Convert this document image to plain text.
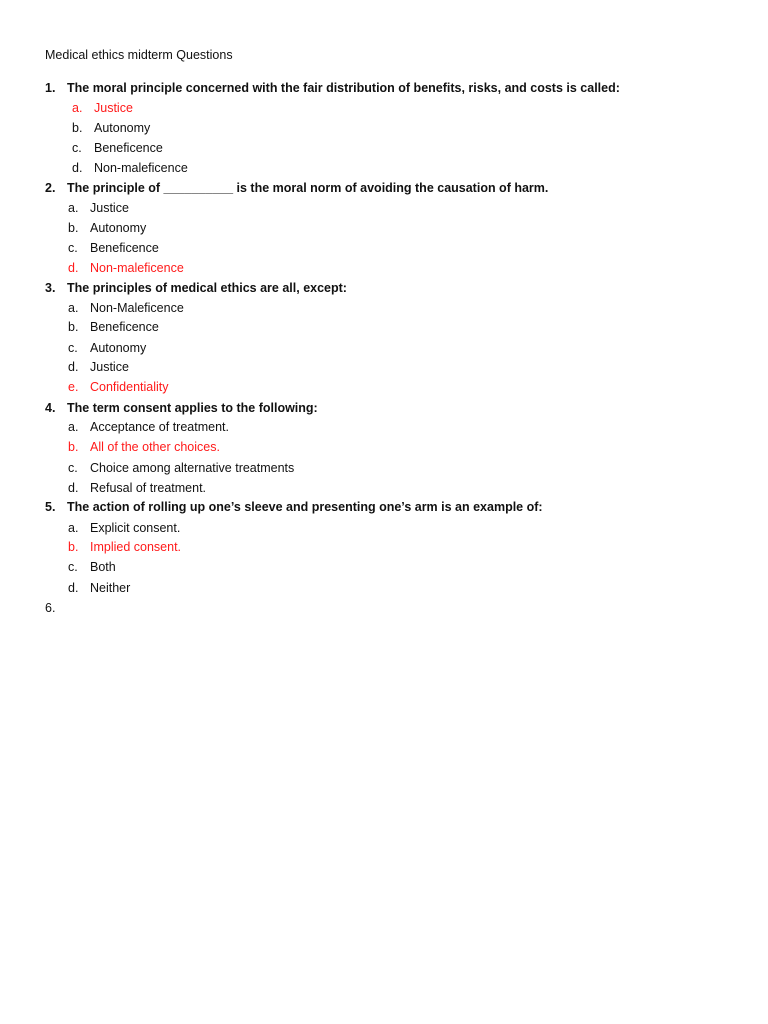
Medical ethics midterm Questions
1. The moral principle concerned with the fair distribution of benefits, risks, and costs is called:
a. Justice
b. Autonomy
c. Beneficence
d. Non-maleficence
2. The principle of __________ is the moral norm of avoiding the causation of harm.
a. Justice
b. Autonomy
c. Beneficence
d. Non-maleficence
3. The principles of medical ethics are all, except:
a. Non-Maleficence
b. Beneficence
c. Autonomy
d. Justice
e. Confidentiality
4. The term consent applies to the following:
a. Acceptance of treatment.
b. All of the other choices.
c. Choice among alternative treatments
d. Refusal of treatment.
5. The action of rolling up one’s sleeve and presenting one’s arm is an example of:
a. Explicit consent.
b. Implied consent.
c. Both
d. Neither
6.
